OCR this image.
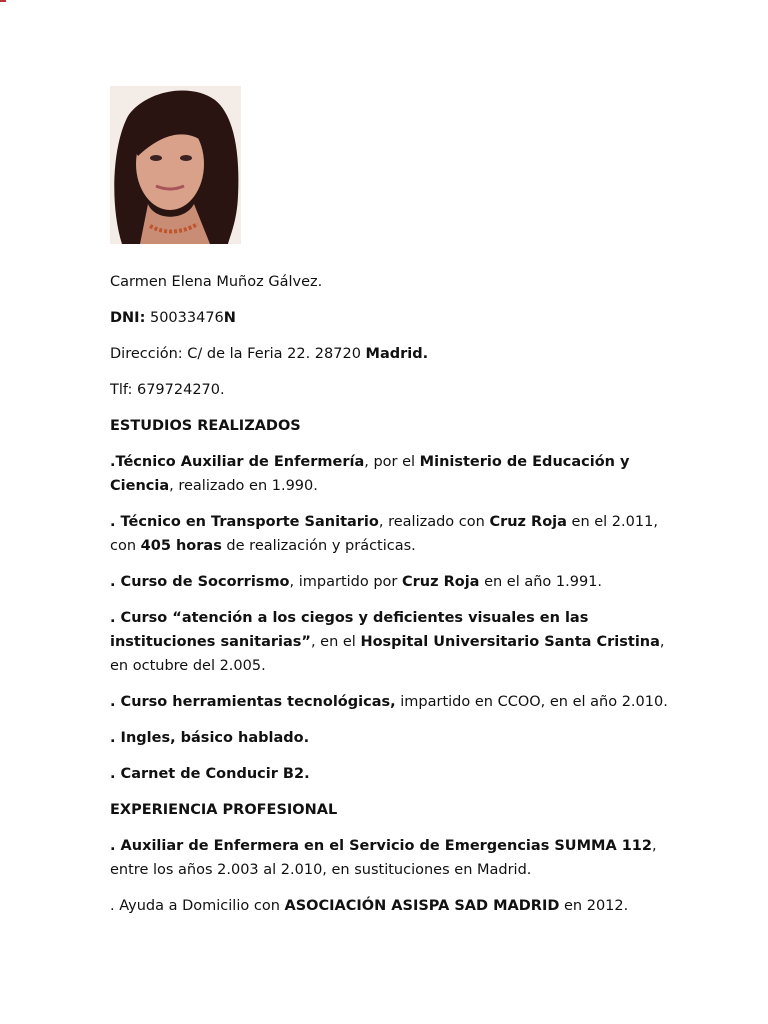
Carmen Elena Muñoz Gálvez.

DNI: 50033476N

Dirección: C/ de la Feria 22. 28720 Madrid.

Tlf: 679724270.

ESTUDIOS REALIZADOS

.Técnico Auxiliar de Enfermería, por el Ministerio de Educación y Ciencia, realizado en 1.990.

. Técnico en Transporte Sanitario, realizado con Cruz Roja en el 2.011, con 405 horas de realización y prácticas.

. Curso de Socorrismo, impartido por Cruz Roja en el año 1.991.

. Curso “atención a los ciegos y deficientes visuales en las instituciones sanitarias”, en el Hospital Universitario Santa Cristina, en octubre del 2.005.

. Curso herramientas tecnológicas, impartido en CCOO, en el año 2.010.

. Ingles, básico hablado.

. Carnet de Conducir B2.

EXPERIENCIA PROFESIONAL

. Auxiliar de Enfermera en el Servicio de Emergencias SUMMA 112, entre los años 2.003 al 2.010, en sustituciones en Madrid.

. Ayuda a Domicilio con ASOCIACIÓN ASISPA SAD MADRID en 2012.
